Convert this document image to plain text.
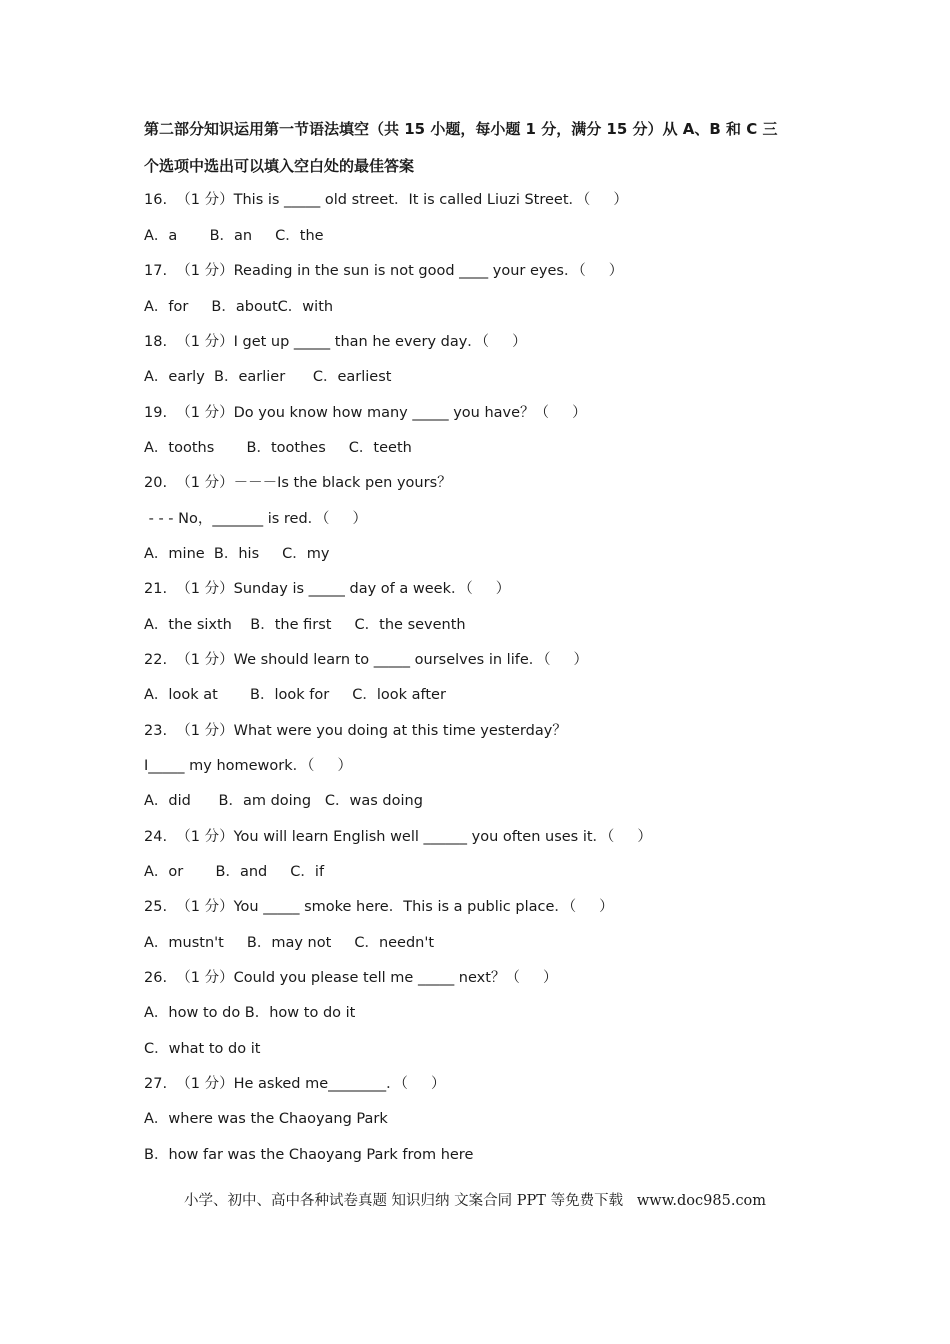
第二部分知识运用第一节语法填空（共 15 小题，每小题 1 分，满分 15 分）从 A、B 和 C 三
个选项中选出可以填入空白处的最佳答案
16.  （1 分）This is _____ old street．It is called Liuzi Street．（     ）
A．a       B．an     C．the
17.  （1 分）Reading in the sun is not good ____ your eyes．（     ）
A．for     B．aboutC．with
18.  （1 分）I get up _____ than he every day．（     ）
A．early  B．earlier      C．earliest
19.  （1 分）Do you know how many _____ you have？（     ）
A．tooths       B．toothes     C．teeth
20.  （1 分）－－－Is the black pen yours？
- - - No，_______ is red．（     ）
A．mine  B．his     C．my
21.  （1 分）Sunday is _____ day of a week．（     ）
A．the sixth    B．the first     C．the seventh
22.  （1 分）We should learn to _____ ourselves in life．（     ）
A．look at       B．look for     C．look after
23.  （1 分）What were you doing at this time yesterday？
I_____ my homework．（     ）
A．did      B．am doing   C．was doing
24.  （1 分）You will learn English well ______ you often uses it．（     ）
A．or       B．and     C．if
25.  （1 分）You _____ smoke here．This is a public place．（     ）
A．mustn't     B．may not     C．needn't
26.  （1 分）Could you please tell me _____ next？（     ）
A．how to do B．how to do it
C．what to do it
27.  （1 分）He asked me________．（     ）
A．where was the Chaoyang Park
B．how far was the Chaoyang Park from here
小学、初中、高中各种试卷真题 知识归纳 文案合同 PPT 等免费下载   www.doc985.com
